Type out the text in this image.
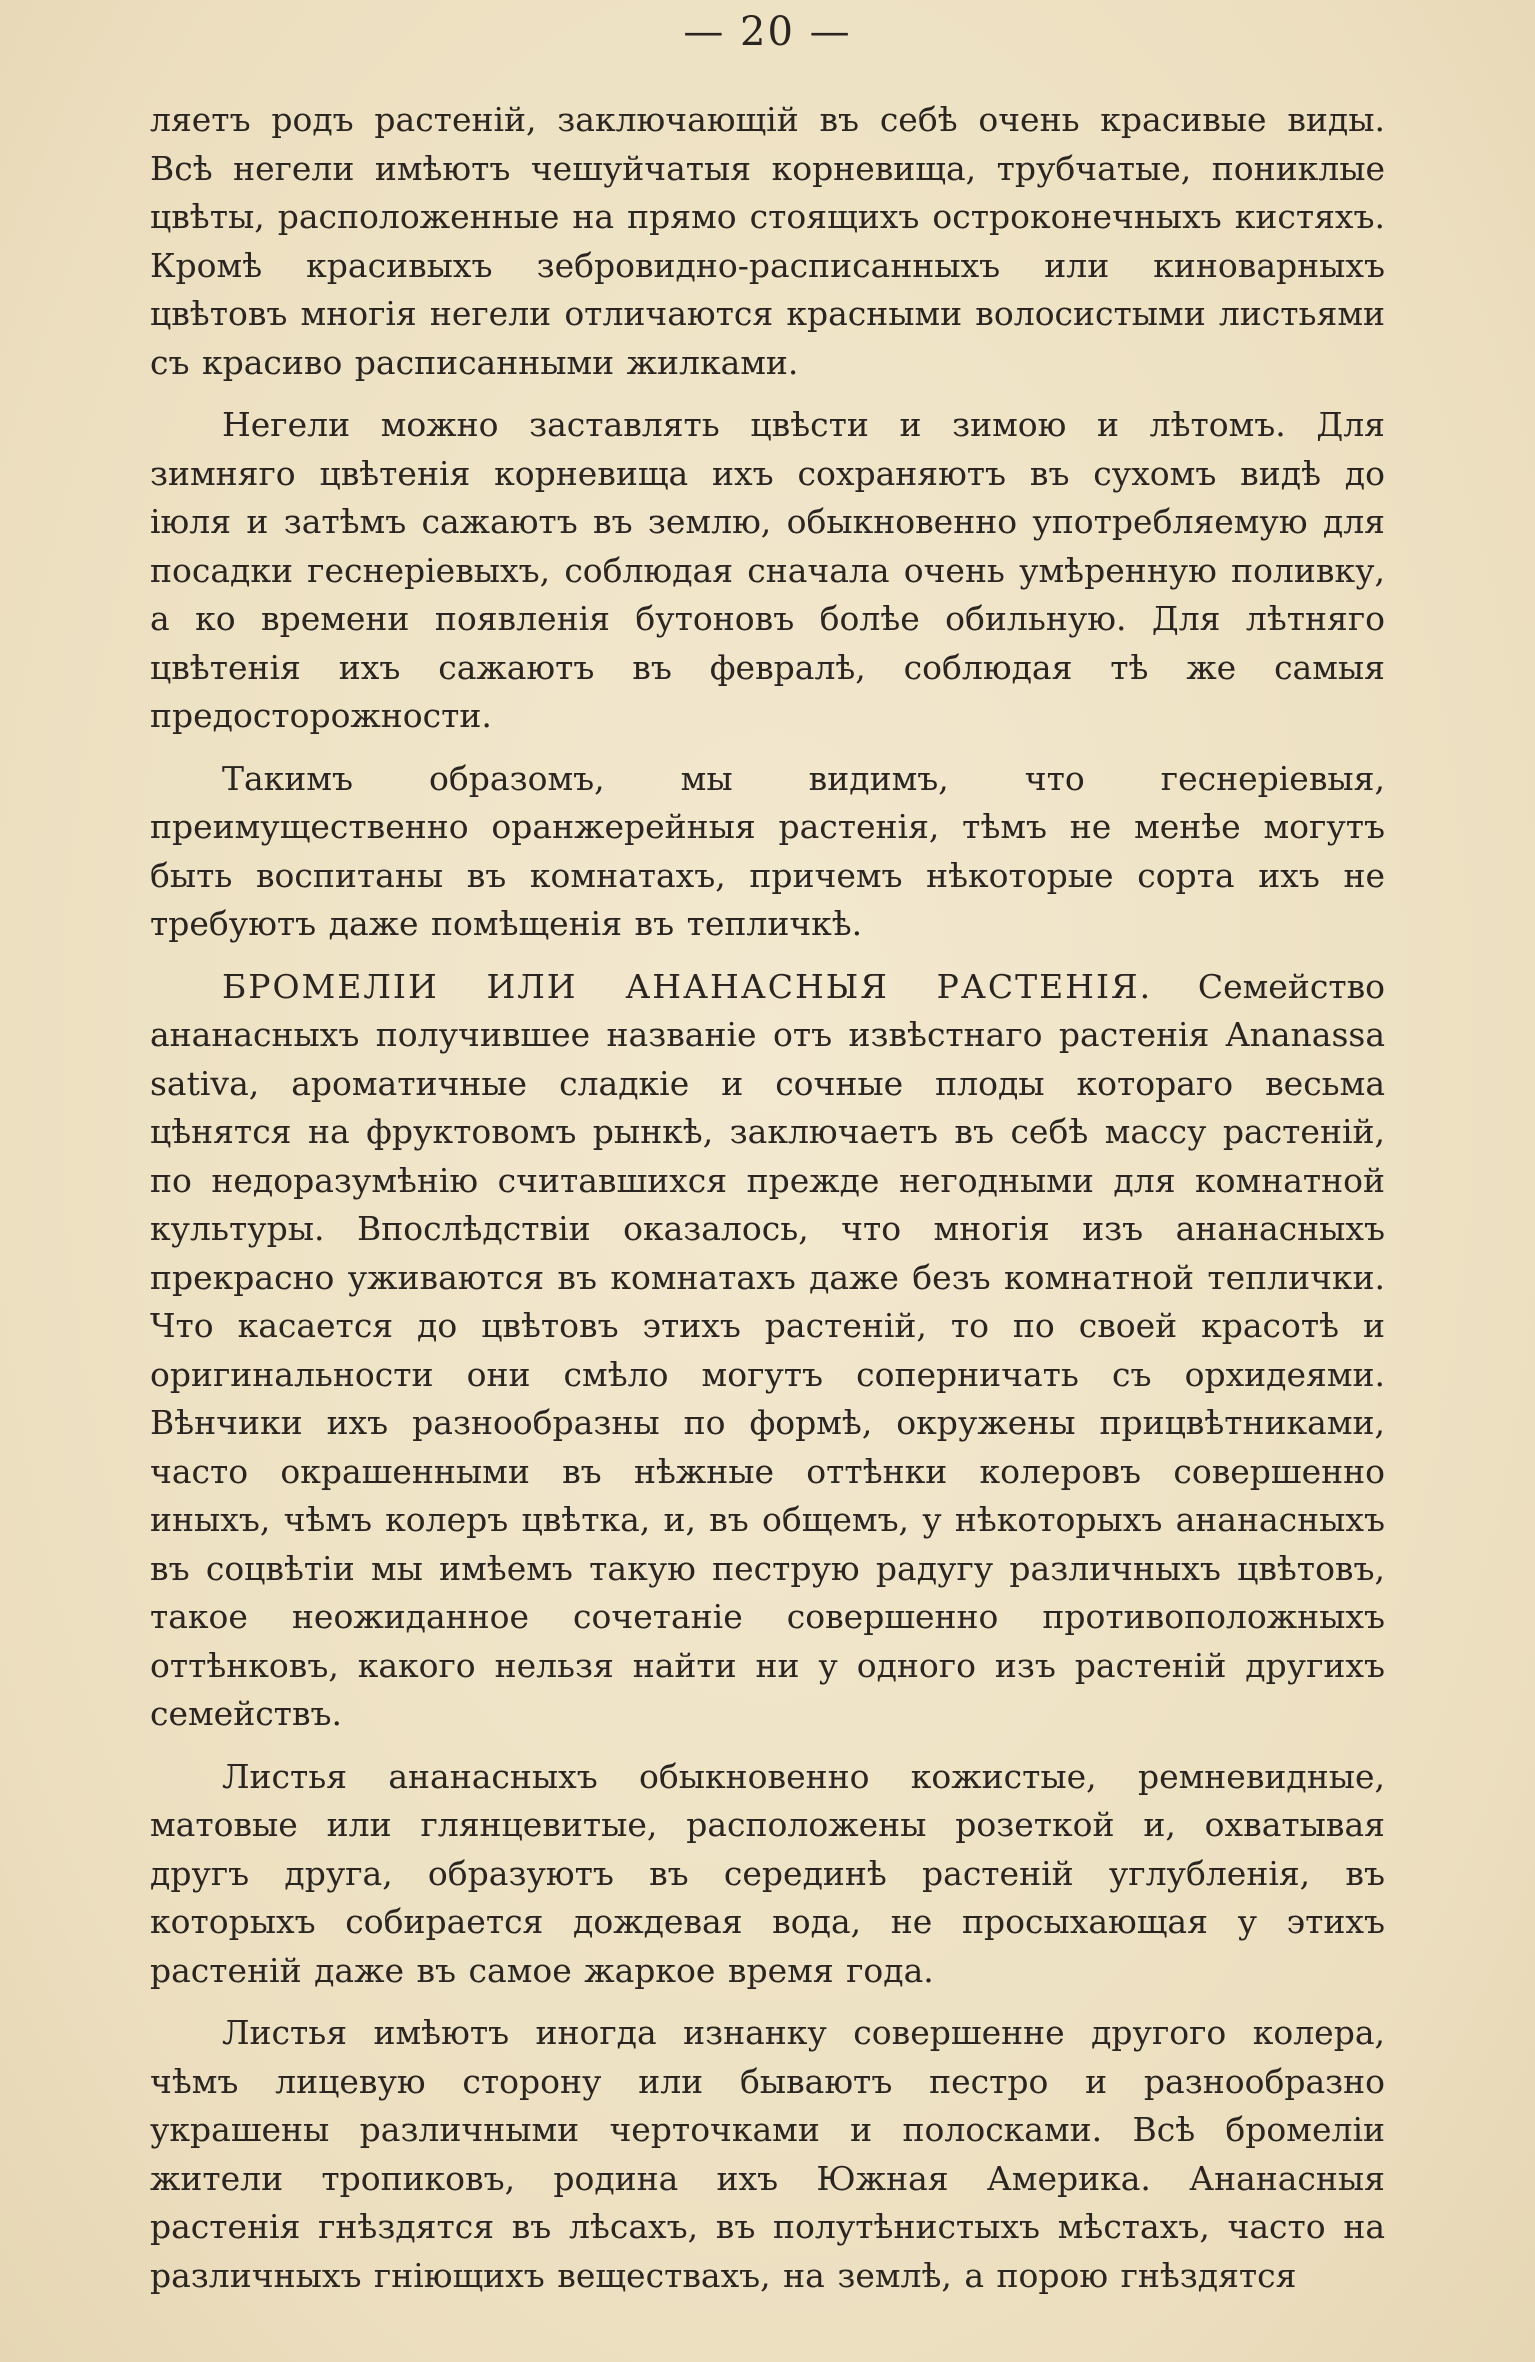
— 20 —

ляетъ родъ растеній, заключающій въ себѣ очень красивые виды. Всѣ негели имѣютъ чешуйчатыя корневища, трубчатые, пониклые цвѣты, расположенные на прямо стоящихъ остроконечныхъ кистяхъ. Кромѣ красивыхъ зебровидно-расписанныхъ или киноварныхъ цвѣтовъ многія негели отличаются красными волосистыми листьями съ красиво расписанными жилками.

Негели можно заставлять цвѣсти и зимою и лѣтомъ. Для зимняго цвѣтенія корневища ихъ сохраняютъ въ сухомъ видѣ до іюля и затѣмъ сажаютъ въ землю, обыкновенно употребляемую для посадки геснеріевыхъ, соблюдая сначала очень умѣренную поливку, а ко времени появленія бутоновъ болѣе обильную. Для лѣтняго цвѣтенія ихъ сажаютъ въ февралѣ, соблюдая тѣ же самыя предосторожности.

Такимъ образомъ, мы видимъ, что геснеріевыя, преимущественно оранжерейныя растенія, тѣмъ не менѣе могутъ быть воспитаны въ комнатахъ, причемъ нѣкоторые сорта ихъ не требуютъ даже помѣщенія въ тепличкѣ.

БРОМЕЛІИ ИЛИ АНАНАСНЫЯ РАСТЕНІЯ. Семейство ананасныхъ получившее названіе отъ извѣстнаго растенія Ananassa sativa, ароматичные сладкіе и сочные плоды котораго весьма цѣнятся на фруктовомъ рынкѣ, заключаетъ въ себѣ массу растеній, по недоразумѣнію считавшихся прежде негодными для комнатной культуры. Впослѣдствіи оказалось, что многія изъ ананасныхъ прекрасно уживаются въ комнатахъ даже безъ комнатной теплички. Что касается до цвѣтовъ этихъ растеній, то по своей красотѣ и оригинальности они смѣло могутъ соперничать съ орхидеями. Вѣнчики ихъ разнообразны по формѣ, окружены прицвѣтниками, часто окрашенными въ нѣжные оттѣнки колеровъ совершенно иныхъ, чѣмъ колеръ цвѣтка, и, въ общемъ, у нѣкоторыхъ ананасныхъ въ соцвѣтіи мы имѣемъ такую пеструю радугу различныхъ цвѣтовъ, такое неожиданное сочетаніе совершенно противоположныхъ оттѣнковъ, какого нельзя найти ни у одного изъ растеній другихъ семействъ.

Листья ананасныхъ обыкновенно кожистые, ремневидные, матовые или глянцевитые, расположены розеткой и, охватывая другъ друга, образуютъ въ серединѣ растеній углубленія, въ которыхъ собирается дождевая вода, не просыхающая у этихъ растеній даже въ самое жаркое время года.

Листья имѣютъ иногда изнанку совершенне другого колера, чѣмъ лицевую сторону или бываютъ пестро и разнообразно украшены различными черточками и полосками. Всѣ бромеліи жители тропиковъ, родина ихъ Южная Америка. Ананасныя растенія гнѣздятся въ лѣсахъ, въ полутѣнистыхъ мѣстахъ, часто на различныхъ гніющихъ веществахъ, на землѣ, а порою гнѣздятся
